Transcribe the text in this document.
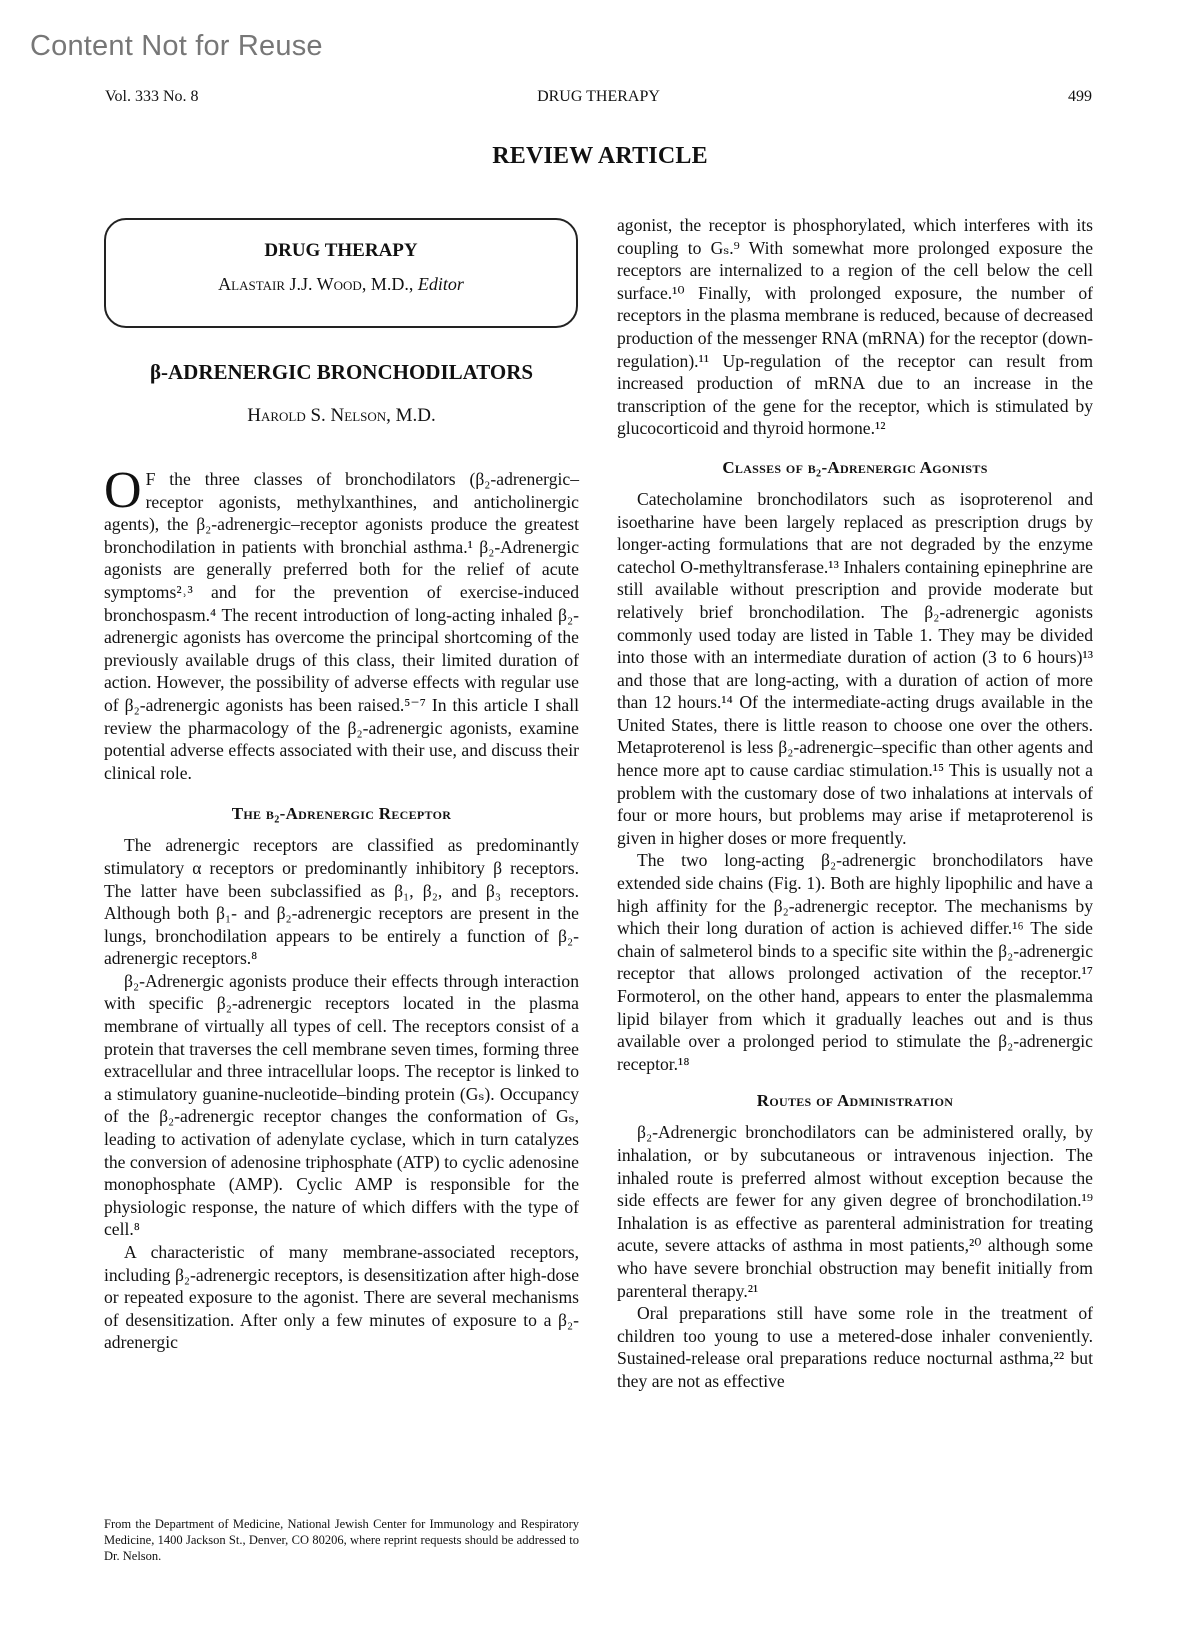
Content Not for Reuse
Vol. 333 No. 8	DRUG THERAPY	499
REVIEW ARTICLE
DRUG THERAPY
Alastair J.J. Wood, M.D., Editor
β-ADRENERGIC BRONCHODILATORS
Harold S. Nelson, M.D.

O F the three classes of bronchodilators (β₂-adrenergic–receptor agonists, methylxanthines, and anticholinergic agents), the β₂-adrenergic–receptor agonists produce the greatest bronchodilation in patients with bronchial asthma.¹ β₂-Adrenergic agonists are generally preferred both for the relief of acute symptoms²˒³ and for the prevention of exercise-induced bronchospasm.⁴ The recent introduction of long-acting inhaled β₂-adrenergic agonists has overcome the principal shortcoming of the previously available drugs of this class, their limited duration of action. However, the possibility of adverse effects with regular use of β₂-adrenergic agonists has been raised.⁵⁻⁷ In this article I shall review the pharmacology of the β₂-adrenergic agonists, examine potential adverse effects associated with their use, and discuss their clinical role.

The β₂-Adrenergic Receptor

The adrenergic receptors are classified as predominantly stimulatory α receptors or predominantly inhibitory β receptors. The latter have been subclassified as β₁, β₂, and β₃ receptors. Although both β₁- and β₂-adrenergic receptors are present in the lungs, bronchodilation appears to be entirely a function of β₂-adrenergic receptors.⁸

β₂-Adrenergic agonists produce their effects through interaction with specific β₂-adrenergic receptors located in the plasma membrane of virtually all types of cell. The receptors consist of a protein that traverses the cell membrane seven times, forming three extracellular and three intracellular loops. The receptor is linked to a stimulatory guanine-nucleotide–binding protein (Gₛ). Occupancy of the β₂-adrenergic receptor changes the conformation of Gₛ, leading to activation of adenylate cyclase, which in turn catalyzes the conversion of adenosine triphosphate (ATP) to cyclic adenosine monophosphate (AMP). Cyclic AMP is responsible for the physiologic response, the nature of which differs with the type of cell.⁸

A characteristic of many membrane-associated receptors, including β₂-adrenergic receptors, is desensitization after high-dose or repeated exposure to the agonist. There are several mechanisms of desensitization. After only a few minutes of exposure to a β₂-adrenergic

From the Department of Medicine, National Jewish Center for Immunology and Respiratory Medicine, 1400 Jackson St., Denver, CO 80206, where reprint requests should be addressed to Dr. Nelson.

agonist, the receptor is phosphorylated, which interferes with its coupling to Gₛ.⁹ With somewhat more prolonged exposure the receptors are internalized to a region of the cell below the cell surface.¹⁰ Finally, with prolonged exposure, the number of receptors in the plasma membrane is reduced, because of decreased production of the messenger RNA (mRNA) for the receptor (down-regulation).¹¹ Up-regulation of the receptor can result from increased production of mRNA due to an increase in the transcription of the gene for the receptor, which is stimulated by glucocorticoid and thyroid hormone.¹²

Classes of β₂-Adrenergic Agonists

Catecholamine bronchodilators such as isoproterenol and isoetharine have been largely replaced as prescription drugs by longer-acting formulations that are not degraded by the enzyme catechol O-methyltransferase.¹³ Inhalers containing epinephrine are still available without prescription and provide moderate but relatively brief bronchodilation. The β₂-adrenergic agonists commonly used today are listed in Table 1. They may be divided into those with an intermediate duration of action (3 to 6 hours)¹³ and those that are long-acting, with a duration of action of more than 12 hours.¹⁴ Of the intermediate-acting drugs available in the United States, there is little reason to choose one over the others. Metaproterenol is less β₂-adrenergic–specific than other agents and hence more apt to cause cardiac stimulation.¹⁵ This is usually not a problem with the customary dose of two inhalations at intervals of four or more hours, but problems may arise if metaproterenol is given in higher doses or more frequently.

The two long-acting β₂-adrenergic bronchodilators have extended side chains (Fig. 1). Both are highly lipophilic and have a high affinity for the β₂-adrenergic receptor. The mechanisms by which their long duration of action is achieved differ.¹⁶ The side chain of salmeterol binds to a specific site within the β₂-adrenergic receptor that allows prolonged activation of the receptor.¹⁷ Formoterol, on the other hand, appears to enter the plasmalemma lipid bilayer from which it gradually leaches out and is thus available over a prolonged period to stimulate the β₂-adrenergic receptor.¹⁸

Routes of Administration

β₂-Adrenergic bronchodilators can be administered orally, by inhalation, or by subcutaneous or intravenous injection. The inhaled route is preferred almost without exception because the side effects are fewer for any given degree of bronchodilation.¹⁹ Inhalation is as effective as parenteral administration for treating acute, severe attacks of asthma in most patients,²⁰ although some who have severe bronchial obstruction may benefit initially from parenteral therapy.²¹

Oral preparations still have some role in the treatment of children too young to use a metered-dose inhaler conveniently. Sustained-release oral preparations reduce nocturnal asthma,²² but they are not as effective
